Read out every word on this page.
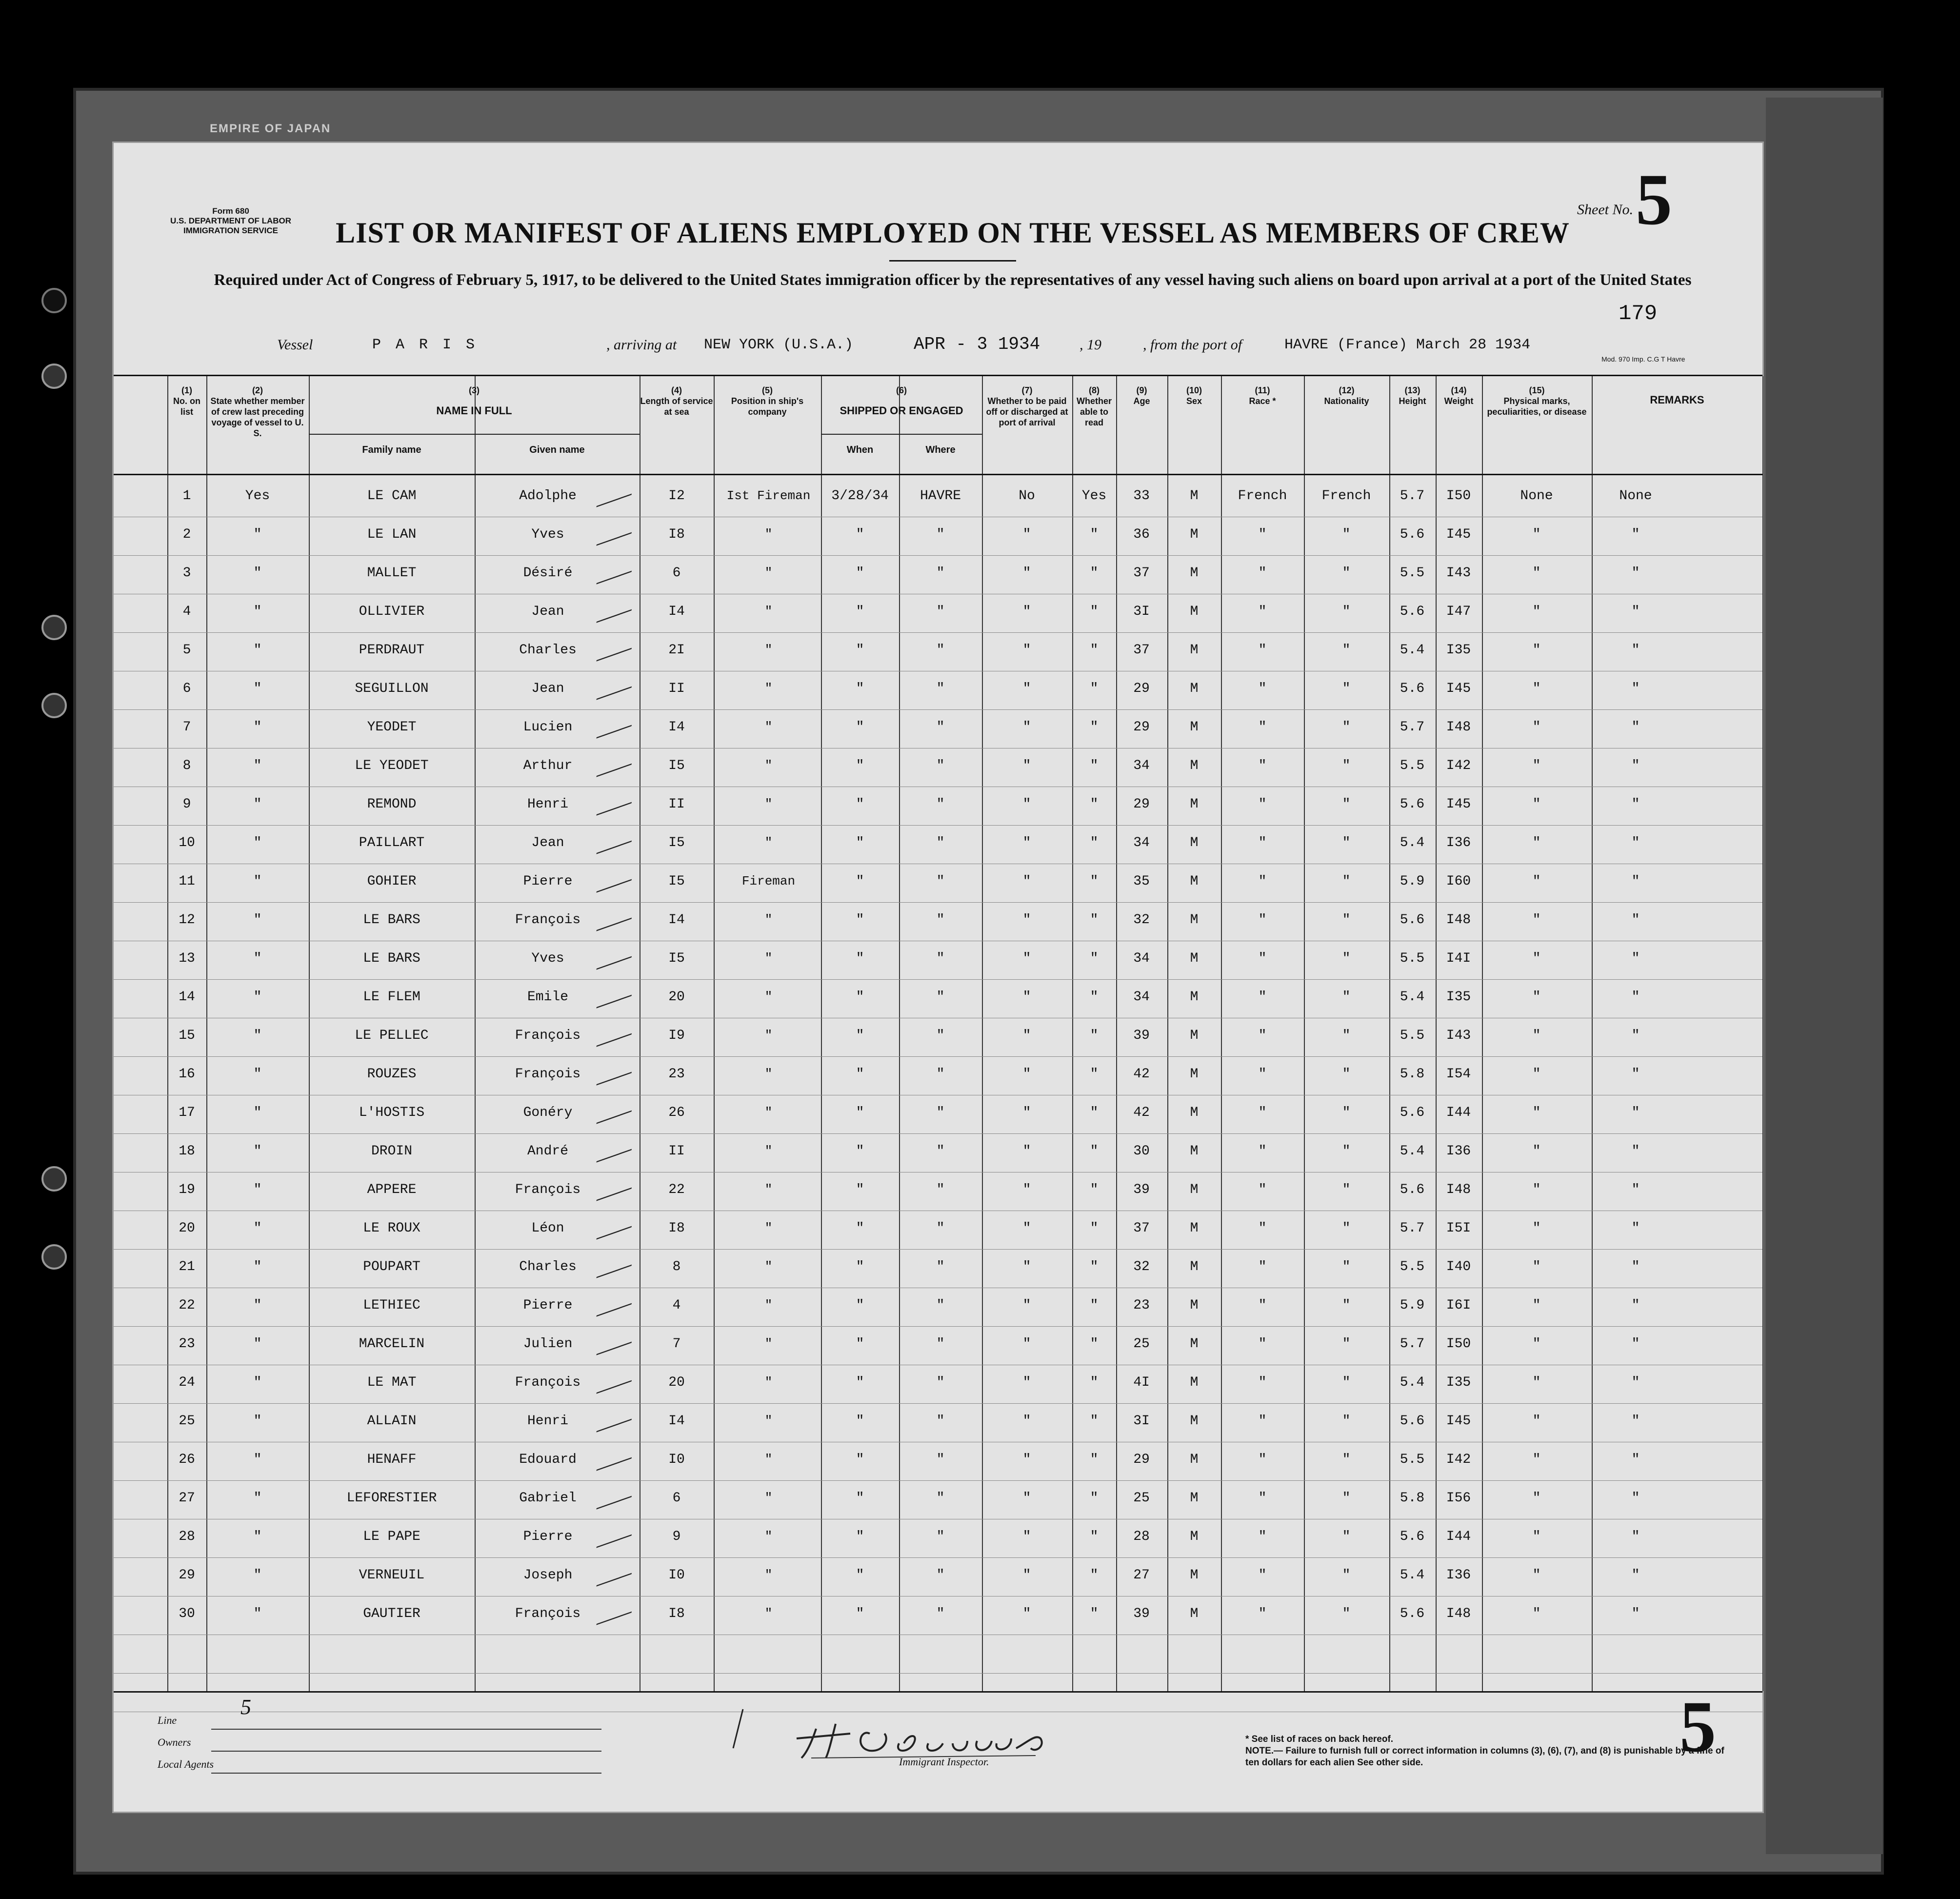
EMPIRE OF JAPAN
Form 680
U.S. DEPARTMENT OF LABOR
IMMIGRATION SERVICE	LIST OR MANIFEST OF ALIENS EMPLOYED ON THE VESSEL AS MEMBERS OF CREW
Required under Act of Congress of February 5, 1917, to be delivered to the United States immigration officer by the representatives of any vessel having such aliens on board upon arrival at a port of the United States
Sheet No. 5
179
Vessel	P A R I S	, arriving at NEW YORK (U.S.A.)	APR - 3 1934	, 19	, from the port of	HAVRE (France) March 28 1934
Mod. 970 Imp. C.G T Havre
(1)
No. on list
(2)
State whether member of crew last preceding voyage of vessel to U. S.
(3)
NAME IN FULL
(4)
Length of service at sea
(5)
Position in ship's company
(6)
SHIPPED OR ENGAGED
(7)
Whether to be paid off or discharged at port of arrival
(8)
Whether able to read
(9)
Age
(10)
Sex
(11)
Race *
(12)
Nationality
(13)
Height
(14)
Weight
(15)
Physical marks, peculiarities, or disease
REMARKS
Family name	Given name	When	Where
1	Yes	LE CAM	Adolphe	I2	Ist Fireman	3/28/34	HAVRE	No	Yes	33	M	French	French	5.7	I50	None	None
2	"	LE LAN	Yves	I8	"	"	"	"	"	36	M	"	"	5.6	I45	"	"
3	"	MALLET	Désiré	6	"	"	"	"	"	37	M	"	"	5.5	I43	"	"
4	"	OLLIVIER	Jean	I4	"	"	"	"	"	3I	M	"	"	5.6	I47	"	"
5	"	PERDRAUT	Charles	2I	"	"	"	"	"	37	M	"	"	5.4	I35	"	"
6	"	SEGUILLON	Jean	II	"	"	"	"	"	29	M	"	"	5.6	I45	"	"
7	"	YEODET	Lucien	I4	"	"	"	"	"	29	M	"	"	5.7	I48	"	"
8	"	LE YEODET	Arthur	I5	"	"	"	"	"	34	M	"	"	5.5	I42	"	"
9	"	REMOND	Henri	II	"	"	"	"	"	29	M	"	"	5.6	I45	"	"
10	"	PAILLART	Jean	I5	"	"	"	"	"	34	M	"	"	5.4	I36	"	"
11	"	GOHIER	Pierre	I5	Fireman	"	"	"	"	35	M	"	"	5.9	I60	"	"
12	"	LE BARS	François	I4	"	"	"	"	"	32	M	"	"	5.6	I48	"	"
13	"	LE BARS	Yves	I5	"	"	"	"	"	34	M	"	"	5.5	I4I	"	"
14	"	LE FLEM	Emile	20	"	"	"	"	"	34	M	"	"	5.4	I35	"	"
15	"	LE PELLEC	François	I9	"	"	"	"	"	39	M	"	"	5.5	I43	"	"
16	"	ROUZES	François	23	"	"	"	"	"	42	M	"	"	5.8	I54	"	"
17	"	L'HOSTIS	Gonéry	26	"	"	"	"	"	42	M	"	"	5.6	I44	"	"
18	"	DROIN	André	II	"	"	"	"	"	30	M	"	"	5.4	I36	"	"
19	"	APPERE	François	22	"	"	"	"	"	39	M	"	"	5.6	I48	"	"
20	"	LE ROUX	Léon	I8	"	"	"	"	"	37	M	"	"	5.7	I5I	"	"
21	"	POUPART	Charles	8	"	"	"	"	"	32	M	"	"	5.5	I40	"	"
22	"	LETHIEC	Pierre	4	"	"	"	"	"	23	M	"	"	5.9	I6I	"	"
23	"	MARCELIN	Julien	7	"	"	"	"	"	25	M	"	"	5.7	I50	"	"
24	"	LE MAT	François	20	"	"	"	"	"	4I	M	"	"	5.4	I35	"	"
25	"	ALLAIN	Henri	I4	"	"	"	"	"	3I	M	"	"	5.6	I45	"	"
26	"	HENAFF	Edouard	I0	"	"	"	"	"	29	M	"	"	5.5	I42	"	"
27	"	LEFORESTIER	Gabriel	6	"	"	"	"	"	25	M	"	"	5.8	I56	"	"
28	"	LE PAPE	Pierre	9	"	"	"	"	"	28	M	"	"	5.6	I44	"	"
29	"	VERNEUIL	Joseph	I0	"	"	"	"	"	27	M	"	"	5.4	I36	"	"
30	"	GAUTIER	François	I8	"	"	"	"	"	39	M	"	"	5.6	I48	"	"
Line
5
Owners
Local Agents	Immigrant Inspector.
* See list of races on back hereof.
NOTE.— Failure to furnish full or correct information in columns (3), (6), (7), and (8) is punishable by a fine of ten dollars for each alien See other side.	5
